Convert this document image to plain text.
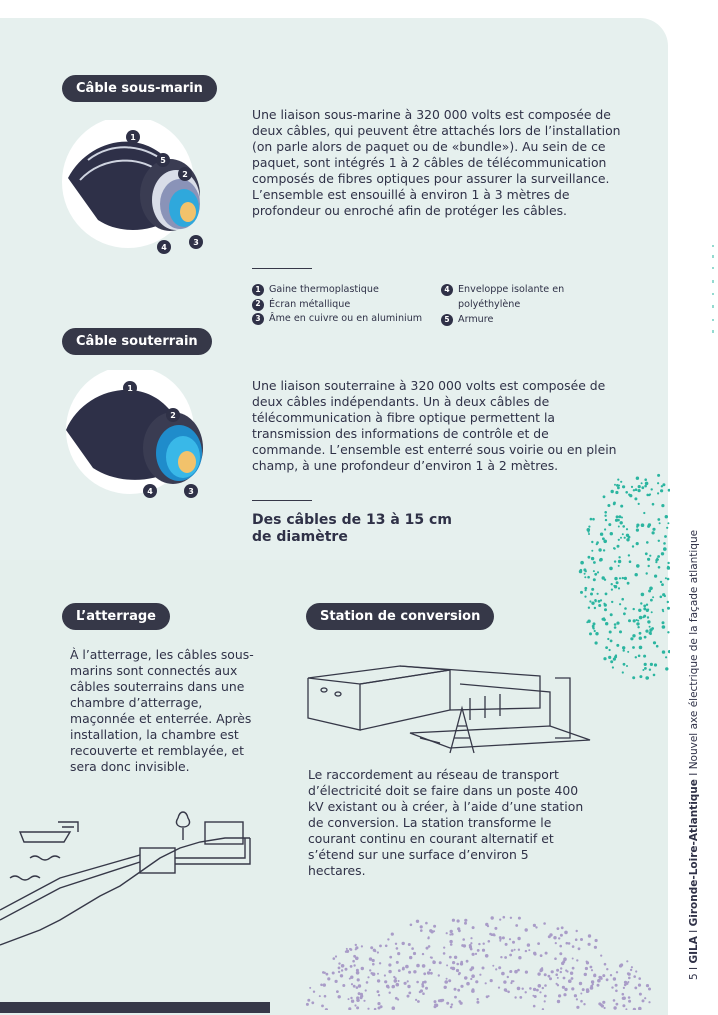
Câble sous-marin
1
5
2
4
3
Une liaison sous-marine à 320 000 volts est composée de deux câbles, qui peuvent être attachés lors de l’installation (on parle alors de paquet ou de «bundle»). Au sein de ce paquet, sont intégrés 1 à 2 câbles de télécommunication composés de fibres optiques pour assurer la surveillance. L’ensemble est ensouillé à environ 1 à 3 mètres de profondeur ou enroché afin de protéger les câbles.
1 Gaine thermoplastique
2 Écran métallique
3 Âme en cuivre ou en aluminium
4 Enveloppe isolante en polyéthylène
5 Armure
Câble souterrain
1
2
4	3
Une liaison souterraine à 320 000 volts est composée de deux câbles indépendants. Un à deux câbles de télécommunication à fibre optique permettent la transmission des informations de contrôle et de commande. L’ensemble est enterré sous voirie ou en plein champ, à une profondeur d’environ 1 à 2 mètres.
Des câbles de 13 à 15 cm de diamètre
L’atterrage
À l’atterrage, les câbles sous-marins sont connectés aux câbles souterrains dans une chambre d’atterrage, maçonnée et enterrée. Après installation, la chambre est recouverte et remblayée, et sera donc invisible.
Station de conversion
Le raccordement au réseau de transport d’électricité doit se faire dans un poste 400 kV existant ou à créer, à l’aide d’une station de conversion. La station transforme le courant continu en courant alternatif et s’étend sur une surface d’environ 5 hectares.
5 I GILA I Gironde-Loire-Atlantique I Nouvel axe électrique de la façade atlantique
